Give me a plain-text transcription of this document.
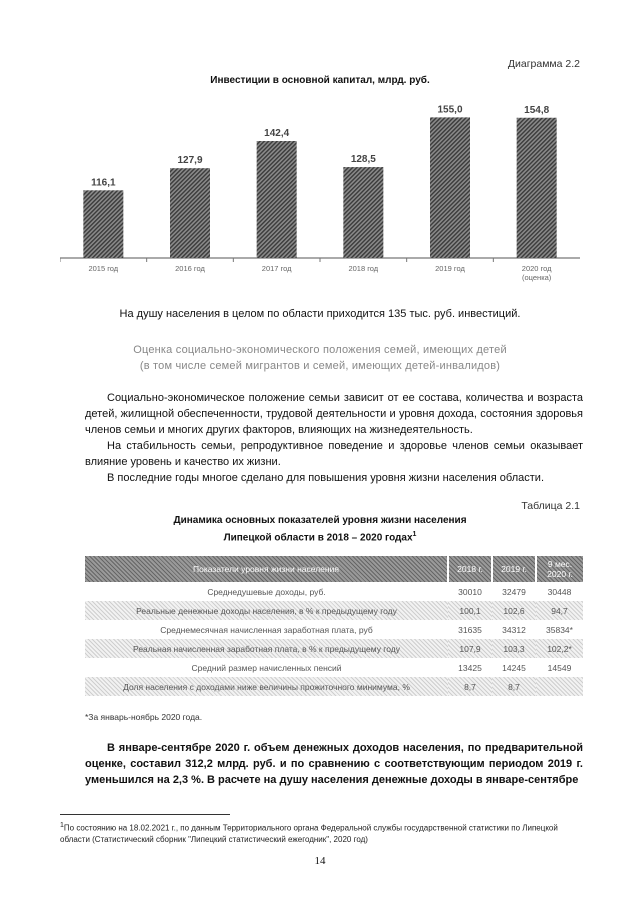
Диаграмма 2.2
Инвестиции в основной капитал, млрд. руб.
116,1
2015 год
127,9
2016 год
142,4
2017 год
128,5
2018 год
155,0
2019 год
154,8
2020 год
(оценка)
На душу населения в целом по области приходится 135 тыс. руб. инвестиций.
Оценка социально-экономического положения семей, имеющих детей
(в том числе семей мигрантов и семей, имеющих детей-инвалидов)
Социально-экономическое положение семьи зависит от ее состава, количества и возраста детей, жилищной обеспеченности, трудовой деятельности и уровня дохода, состояния здоровья членов семьи и многих других факторов, влияющих на жизнедеятельность.
На стабильность семьи, репродуктивное поведение и здоровье членов семьи оказывает влияние уровень и качество их жизни.
В последние годы многое сделано для повышения уровня жизни населения области.
Таблица 2.1
Динамика основных показателей уровня жизни населения
Липецкой области в 2018 – 2020 годах$^1$
Показатели уровня жизни населения	2018 г.	2019 г.	9 мес. 2020 г.
Среднедушевые доходы, руб.	30010	32479	30448
Реальные денежные доходы населения, в % к предыдущему году	100,1	102,6	94,7
Среднемесячная начисленная заработная плата, руб	31635	34312	35834*
Реальная начисленная заработная плата, в % к предыдущему году	107,9	103,3	102,2*
Средний размер начисленных пенсий	13425	14245	14549
Доля населения с доходами ниже величины прожиточного минимума, %	8,7	8,7	
*За январь-ноябрь 2020 года.
В январе-сентябре 2020 г. объем денежных доходов населения, по предварительной оценке, составил 312,2 млрд. руб. и по сравнению с соответствующим периодом 2019 г. уменьшился на 2,3 %. В расчете на душу населения денежные доходы в январе-сентябре
$^1$По состоянию на 18.02.2021 г., по данным Территориального органа Федеральной службы государственной статистики по Липецкой области (Статистический сборник "Липецкий статистический ежегодник", 2020 год)
14
